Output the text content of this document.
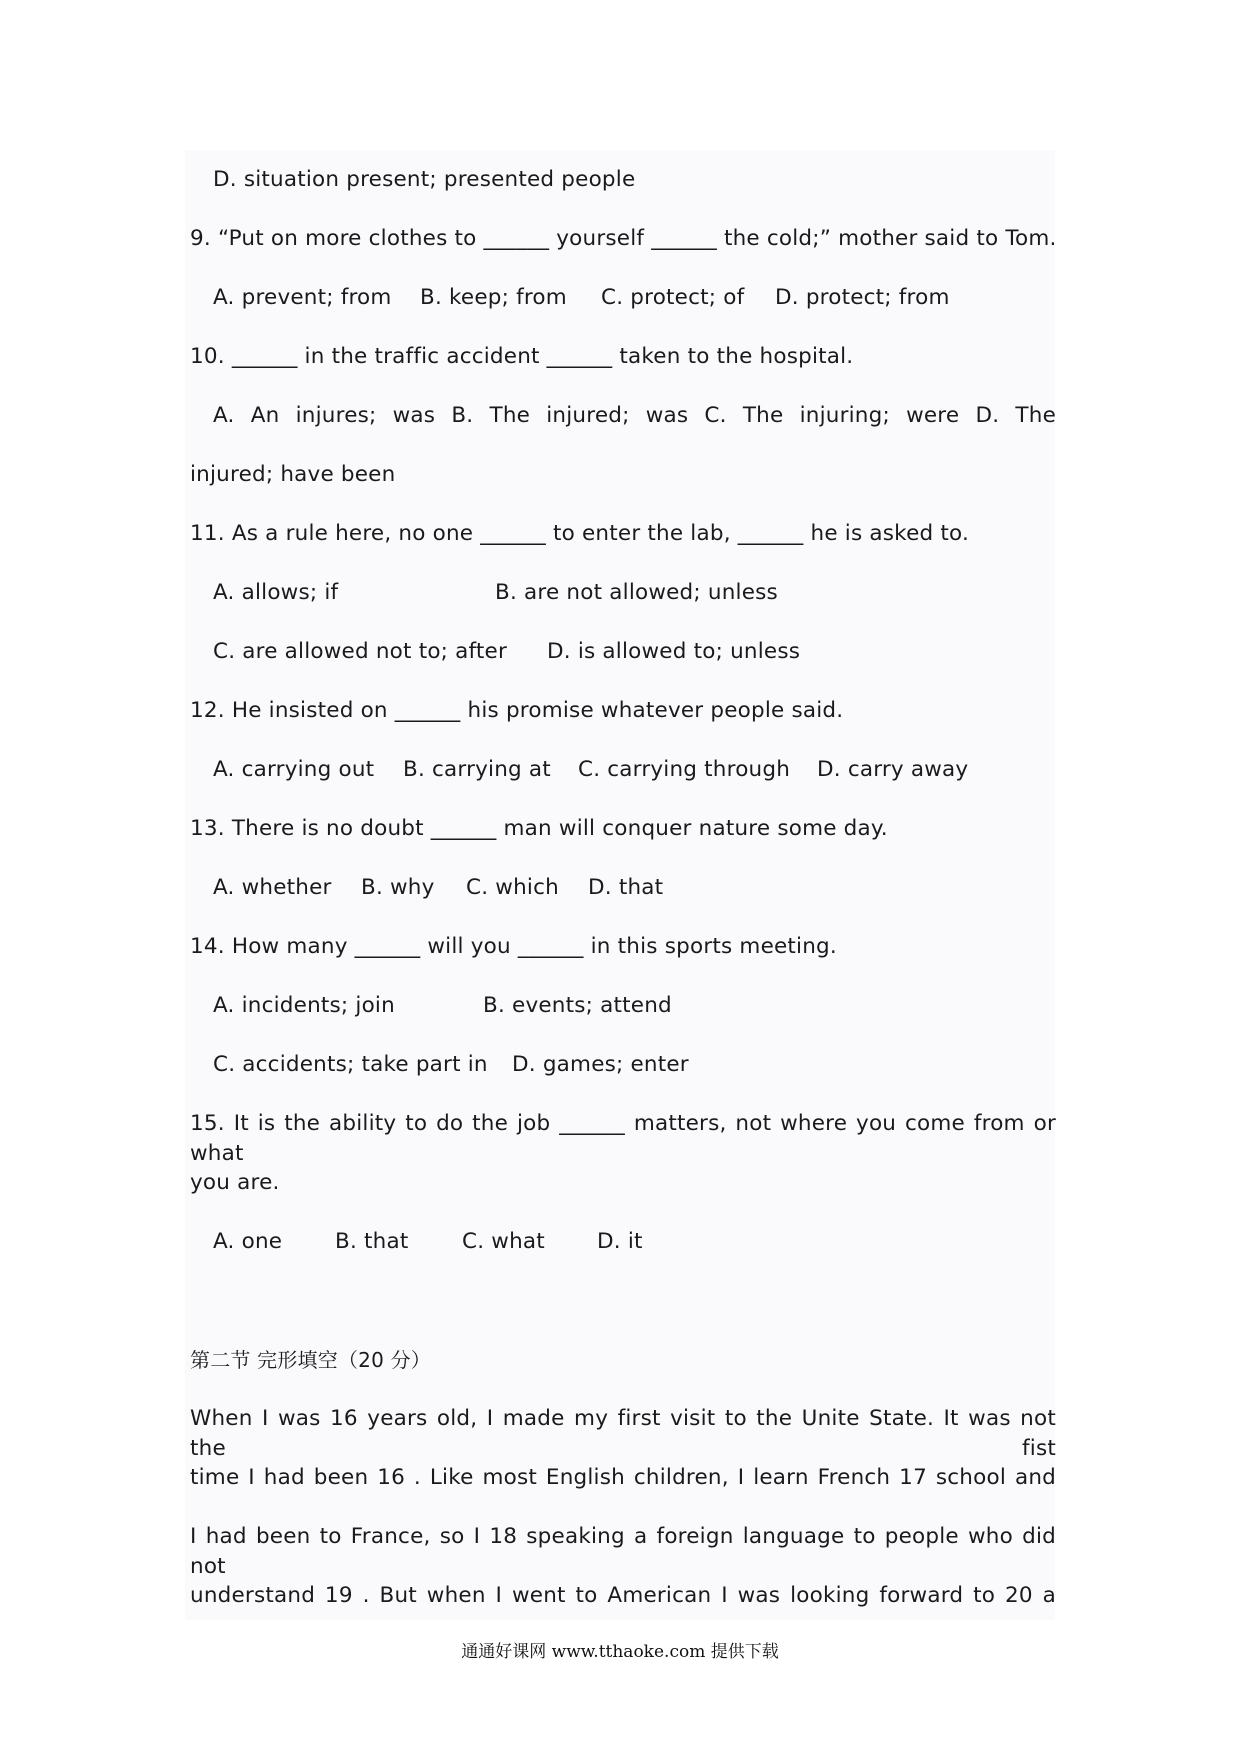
D. situation present; presented people
9. “Put on more clothes to ______ yourself ______ the cold;” mother said to Tom.
A. prevent; from B. keep; from C. protect; of D. protect; from
10. ______ in the traffic accident ______ taken to the hospital.
A. An injures; was B. The injured; was C. The injuring; were D. The
injured; have been
11. As a rule here, no one ______ to enter the lab, ______ he is asked to.
A. allows; if	B. are not allowed; unless
C. are allowed not to; after D. is allowed to; unless
12. He insisted on ______ his promise whatever people said.
A. carrying out B. carrying at C. carrying through D. carry away
13. There is no doubt ______ man will conquer nature some day.
A. whether B. why C. which D. that
14. How many ______ will you ______ in this sports meeting.
A. incidents; join	B. events; attend
C. accidents; take part in D. games; enter
15. It is the ability to do the job ______ matters, not where you come from or what
you are.
A. one B. that C. what D. it
第二节 完形填空（20 分）
When I was 16 years old, I made my first visit to the Unite State. It was not the fist
time I had been 16 . Like most English children, I learn French 17 school and
I had been to France, so I 18 speaking a foreign language to people who did not
understand 19 . But when I went to American I was looking forward to 20 a
通通好课网 www.tthaoke.com 提供下载
